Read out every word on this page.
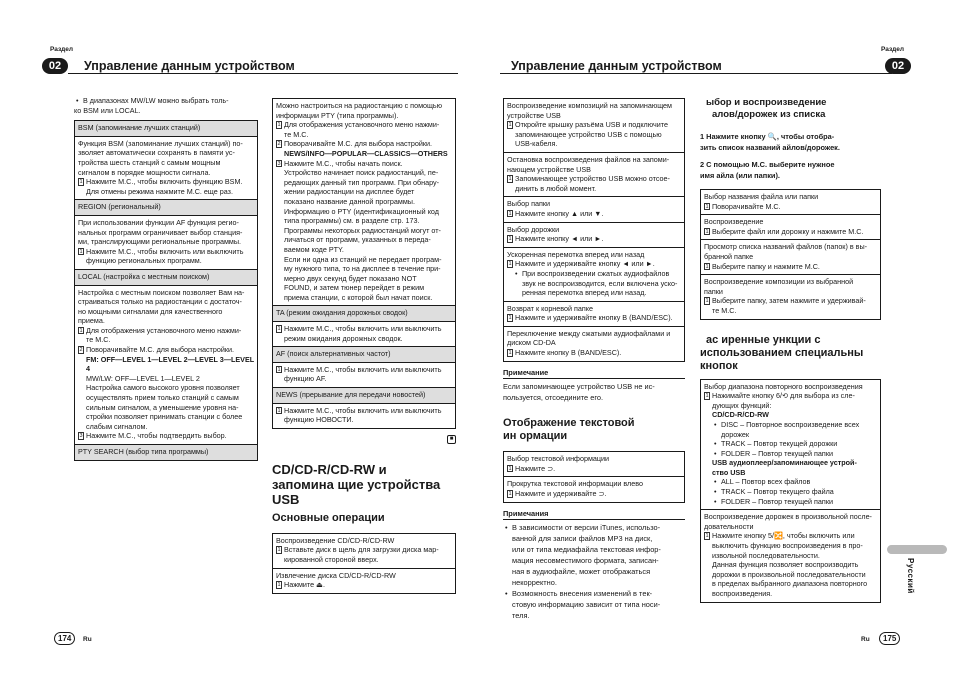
Раздел
02	Управление данным устройством
• В диапазонах MW/LW можно выбрать толь-
ко BSM или LOCAL.
BSM (запоминание лучших станций)
Функция BSM (запоминание лучших станций) по-
зволяет автоматически сохранять в памяти ус-
тройства шесть станций с самым мощным
сигналом в порядке мощности сигнала.
1 Нажмите M.C., чтобы включить функцию BSM.
Для отмены режима нажмите M.C. еще раз.
REGION (региональный)
При использовании функции AF функция регио-
нальных программ ограничивает выбор станция-
ми, транслирующими региональные программы.
1 Нажмите M.C., чтобы включить или выключить
функцию региональных программ.
LOCAL (настройка с местным поиском)
Настройка с местным поиском позволяет Вам на-
страиваться только на радиостанции с достаточ-
но мощными сигналами для качественного
приема.
1 Для отображения установочного меню нажми-
те M.C.
2 Поворачивайте M.C. для выбора настройки.
FM: OFF—LEVEL 1—LEVEL 2—LEVEL 3—LEVEL
4
MW/LW: OFF—LEVEL 1—LEVEL 2
Настройка самого высокого уровня позволяет
осуществлять прием только станций с самым
сильным сигналом, а уменьшение уровня на-
стройки позволяет принимать станции с более
слабым сигналом.
3 Нажмите M.C., чтобы подтвердить выбор.
PTY SEARCH (выбор типа программы)
Можно настроиться на радиостанцию с помощью
информации PTY (типа программы).
1 Для отображения установочного меню нажми-
те M.C.
2 Поворачивайте M.C. для выбора настройки.
NEWS/INFO—POPULAR—CLASSICS—OTHERS
3 Нажмите M.C., чтобы начать поиск.
Устройство начинает поиск радиостанций, пе-
редающих данный тип программ. При обнару-
жении радиостанции на дисплее будет
показано название данной программы.
Информацию о PTY (идентификационный код
типа программы) см. в разделе стр. 173.
Программы некоторых радиостанций могут от-
личаться от программ, указанных в переда-
ваемом коде PTY.
Если ни одна из станций не передает програм-
му нужного типа, то на дисплее в течение при-
мерно двух секунд будет показано NOT
FOUND, и затем тюнер перейдет в режим
приема станции, с которой был начат поиск.
TA (режим ожидания дорожных сводок)
1 Нажмите M.C., чтобы включить или выключить
режим ожидания дорожных сводок.
AF (поиск альтернативных частот)
1 Нажмите M.C., чтобы включить или выключить
функцию AF.
NEWS (прерывание для передачи новостей)
1 Нажмите M.C., чтобы включить или выключить
функцию НОВОСТИ.
■
CD/CD-R/CD-RW и
запомина щие устройства
USB
Основные операции
Воспроизведение CD/CD-R/CD-RW
1 Вставьте диск в щель для загрузки диска мар-
кированной стороной вверх.
Извлечение диска CD/CD-R/CD-RW
1 Нажмите ⏏.
174	Ru
Раздел
Управление данным устройством	02
Воспроизведение композиций на запоминающем
устройстве USB
1 Откройте крышку разъёма USB и подключите
запоминающее устройство USB с помощью
USB-кабеля.
Остановка воспроизведения файлов на запоми-
нающем устройстве USB
1 Запоминающее устройство USB можно отсое-
динить в любой момент.
Выбор папки
1 Нажмите кнопку ▲ или ▼.
Выбор дорожки
1 Нажмите кнопку ◄ или ►.
Ускоренная перемотка вперед или назад
1 Нажмите и удерживайте кнопку ◄ или ►.
• При воспроизведении сжатых аудиофайлов
звук не воспроизводится, если включена уско-
ренная перемотка вперед или назад.
Возврат к корневой папке
1 Нажмите и удерживайте кнопку B (BAND/ESC).
Переключение между сжатыми аудиофайлами и
диском CD-DA
1 Нажмите кнопку B (BAND/ESC).
Примечание
Если запоминающее устройство USB не ис-
пользуется, отсоедините его.
Отображение текстовой
ин ормации
Выбор текстовой информации
1 Нажмите ⊃.
Прокрутка текстовой информации влево
1 Нажмите и удерживайте ⊃.
Примечания
• В зависимости от версии iTunes, использо-
ванной для записи файлов MP3 на диск,
или от типа медиафайла текстовая инфор-
мация несовместимого формата, записан-
ная в аудиофайле, может отображаться
некорректно.
• Возможность внесения изменений в тек-
стовую информацию зависит от типа носи-
теля.
ыбор и воспроизведение
алов/дорожек из списка
1 Нажмите кнопку 🔍, чтобы отобра-
зить список названий айлов/дорожек.
2 С помощью M.C. выберите нужное
имя айла (или папки).
Выбор названия файла или папки
1 Поворачивайте M.C.
Воспроизведение
1 Выберите файл или дорожку и нажмите M.C.
Просмотр списка названий файлов (папок) в вы-
бранной папке
1 Выберите папку и нажмите M.C.
Воспроизведение композиции из выбранной
папки
1 Выберите папку, затем нажмите и удерживай-
те M.C.
ас иренные ункции с
использованием специальны
кнопок
Выбор диапазона повторного воспроизведения
1 Нажимайте кнопку 6/⟲ для выбора из сле-
дующих функций:
CD/CD-R/CD-RW
• DISC – Повторное воспроизведение всех
дорожек
• TRACK – Повтор текущей дорожки
• FOLDER – Повтор текущей папки
USB аудиоплеер/запоминающее устрой-
ство USB
• ALL – Повтор всех файлов
• TRACK – Повтор текущего файла
• FOLDER – Повтор текущей папки
Воспроизведение дорожек в произвольной после-
довательности
1 Нажмите кнопку 5/🔀, чтобы включить или
выключить функцию воспроизведения в про-
извольной последовательности.
Данная функция позволяет воспроизводить
дорожки в произвольной последовательности
в пределах выбранного диапазона повторного
воспроизведения.
Ru	175
Русский
